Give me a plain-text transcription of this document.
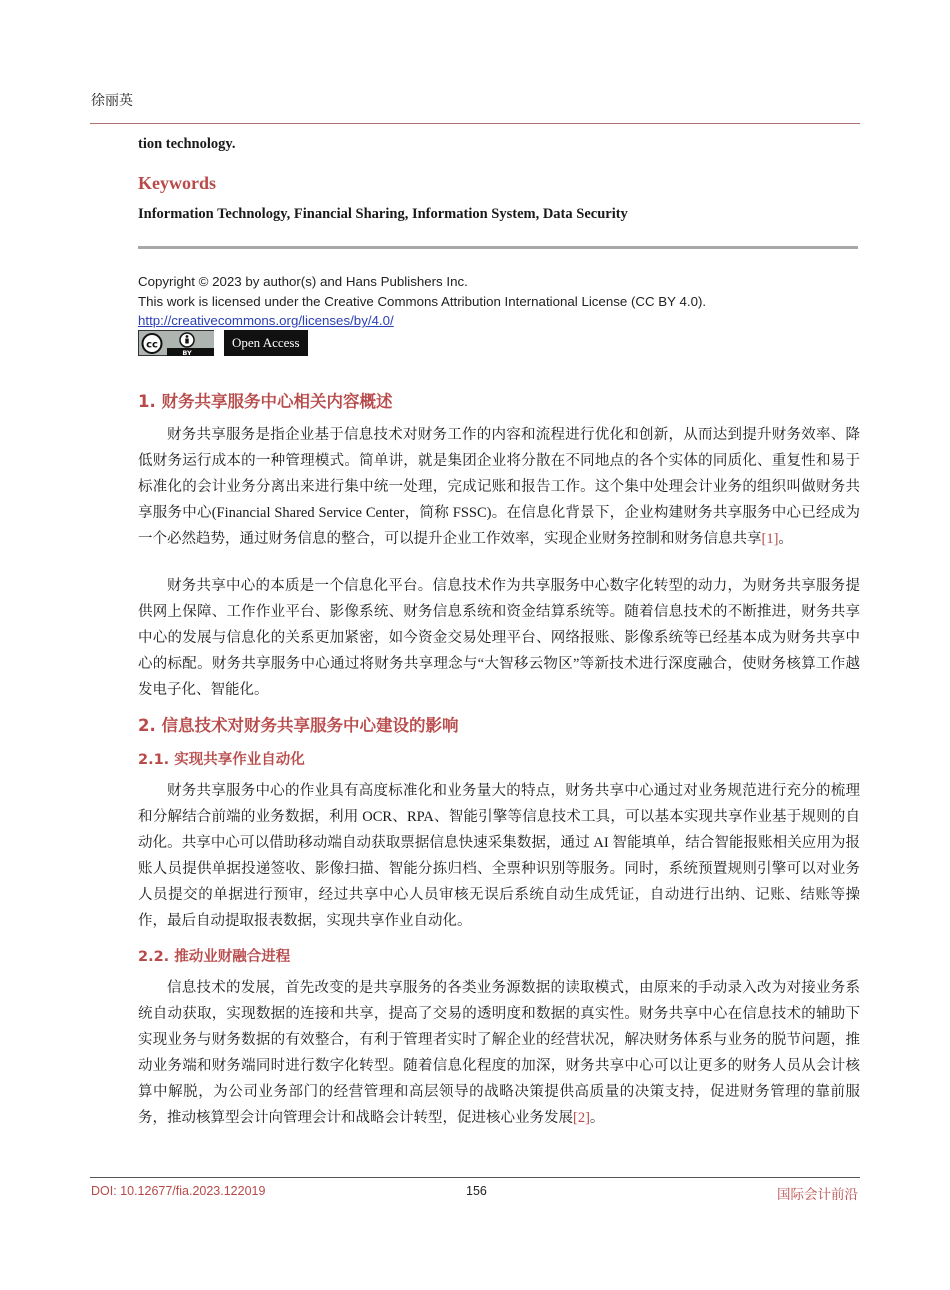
徐丽英
tion technology.
Keywords
Information Technology, Financial Sharing, Information System, Data Security
Copyright © 2023 by author(s) and Hans Publishers Inc.
This work is licensed under the Creative Commons Attribution International License (CC BY 4.0).
http://creativecommons.org/licenses/by/4.0/
cc
BY
Open Access
1. 财务共享服务中心相关内容概述

财务共享服务是指企业基于信息技术对财务工作的内容和流程进行优化和创新，从而达到提升财务效率、降低财务运行成本的一种管理模式。简单讲，就是集团企业将分散在不同地点的各个实体的同质化、重复性和易于标准化的会计业务分离出来进行集中统一处理，完成记账和报告工作。这个集中处理会计业务的组织叫做财务共享服务中心(Financial Shared Service Center，简称 FSSC)。在信息化背景下，企业构建财务共享服务中心已经成为一个必然趋势，通过财务信息的整合，可以提升企业工作效率，实现企业财务控制和财务信息共享[1]。

财务共享中心的本质是一个信息化平台。信息技术作为共享服务中心数字化转型的动力，为财务共享服务提供网上保障、工作作业平台、影像系统、财务信息系统和资金结算系统等。随着信息技术的不断推进，财务共享中心的发展与信息化的关系更加紧密，如今资金交易处理平台、网络报账、影像系统等已经基本成为财务共享中心的标配。财务共享服务中心通过将财务共享理念与“大智移云物区”等新技术进行深度融合，使财务核算工作越发电子化、智能化。

2. 信息技术对财务共享服务中心建设的影响
2.1. 实现共享作业自动化

财务共享服务中心的作业具有高度标准化和业务量大的特点，财务共享中心通过对业务规范进行充分的梳理和分解结合前端的业务数据，利用 OCR、RPA、智能引擎等信息技术工具，可以基本实现共享作业基于规则的自动化。共享中心可以借助移动端自动获取票据信息快速采集数据，通过 AI 智能填单，结合智能报账相关应用为报账人员提供单据投递签收、影像扫描、智能分拣归档、全票种识别等服务。同时，系统预置规则引擎可以对业务人员提交的单据进行预审，经过共享中心人员审核无误后系统自动生成凭证，自动进行出纳、记账、结账等操作，最后自动提取报表数据，实现共享作业自动化。

2.2. 推动业财融合进程

信息技术的发展，首先改变的是共享服务的各类业务源数据的读取模式，由原来的手动录入改为对接业务系统自动获取，实现数据的连接和共享，提高了交易的透明度和数据的真实性。财务共享中心在信息技术的辅助下实现业务与财务数据的有效整合，有利于管理者实时了解企业的经营状况，解决财务体系与业务的脱节问题，推动业务端和财务端同时进行数字化转型。随着信息化程度的加深，财务共享中心可以让更多的财务人员从会计核算中解脱，为公司业务部门的经营管理和高层领导的战略决策提供高质量的决策支持，促进财务管理的靠前服务，推动核算型会计向管理会计和战略会计转型，促进核心业务发展[2]。

DOI: 10.12677/fia.2023.122019	156	国际会计前沿
